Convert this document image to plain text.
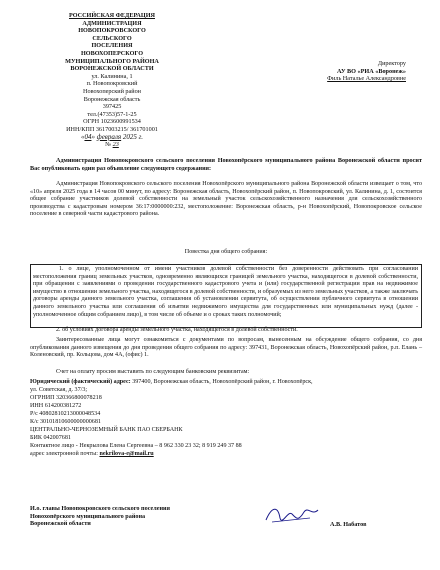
РОССИЙСКАЯ ФЕДЕРАЦИЯ
АДМИНИСТРАЦИЯ
НОВОПОКРОВСКОГО
СЕЛЬСКОГО
ПОСЕЛЕНИЯ
НОВОХОПЕРСКОГО
МУНИЦИПАЛЬНОГО РАЙОНА
ВОРОНЕЖСКОЙ ОБЛАСТИ
ул. Калинина, 1
п. Новопокровский
Новохоперский район
Воронежская область
397425
тел.(47353)57-1-25
ОГРН 1023600991534
ИНН/КПП 3617003215/ 361701001
«04» февраля 2025 г.
№ 23
Директору
АУ ВО «РИА «Воронеж»
Филь Наталье Александровне
Администрация Новопокровского сельского поселения Новохопёрского муниципального района Воронежской области просит Вас опубликовать один раз объявление следующего содержания:
Администрация Новопокровского сельского поселения Новохопёрского муниципального района Воронежской области извещает о том, что «10» апреля 2025 года в 14 часов 00 минут, по адресу: Воронежская область, Новохопёрский район, п. Новопокровский, ул. Калинина, д. 1, состоится общее собрание участников долевой собственности на земельный участок сельскохозяйственного назначения для сельскохозяйственного производства с кадастровым номером 36:17:0000000:232, местоположение: Воронежская область, р-н Новохопёрский, Новопокровское сельское поселение в северной части кадастрового района.
Повестка дня общего собрания:
1. о лице, уполномоченном от имени участников долевой собственности без доверенности действовать при согласовании местоположения границ земельных участков, одновременно являющихся границей земельного участка, находящегося в долевой собственности, при обращении с заявлениями о проведении государственного кадастрового учета и (или) государственной регистрации прав на недвижимое имущество в отношении земельного участка, находящегося в долевой собственности, и образуемых из него земельных участков, а также заключать договоры аренды данного земельного участка, соглашения об установлении сервитута, об осуществлении публичного сервитута в отношении данного земельного участка или соглашения об изъятии недвижимого имущества для государственных или муниципальных нужд (далее - уполномоченное общим собранием лицо), в том числе об объеме и о сроках таких полномочий;
2. об условиях договора аренды земельного участка, находящегося в долевой собственности.
Заинтересованные лица могут ознакомиться с документами по вопросам, вынесенным на обсуждение общего собрания, со дня опубликования данного извещения до дня проведения общего собрания по адресу: 397431, Воронежская область, Новохопёрский район, р.п. Елань – Коленовский, пр. Кольцова, дом 4А, (офис) 1.
Счет на оплату просим выставить по следующим банковским реквизитам:
Юридический (фактический) адрес: 397400, Воронежская область, Новохопёрский район, г. Новохопёрск,
ул. Советская, д. 37/3;
ОГРНИП 320366800078218
ИНН 614200381272
Р/с 40802810213000048534
К/с 30101810600000000681
ЦЕНТРАЛЬНО-ЧЕРНОЗЕМНЫЙ БАНК ПАО СБЕРБАНК
БИК 042007681
Контактное лицо - Некрылова Елена Сергеевна – 8 962 330 23 32; 8 919 249 37 88
адрес электронной почты: nekrilova-e@mail.ru
И.о. главы Новопокровского сельского поселения
Новохопёрского муниципального района
Воронежской области	А.В. Набатов
